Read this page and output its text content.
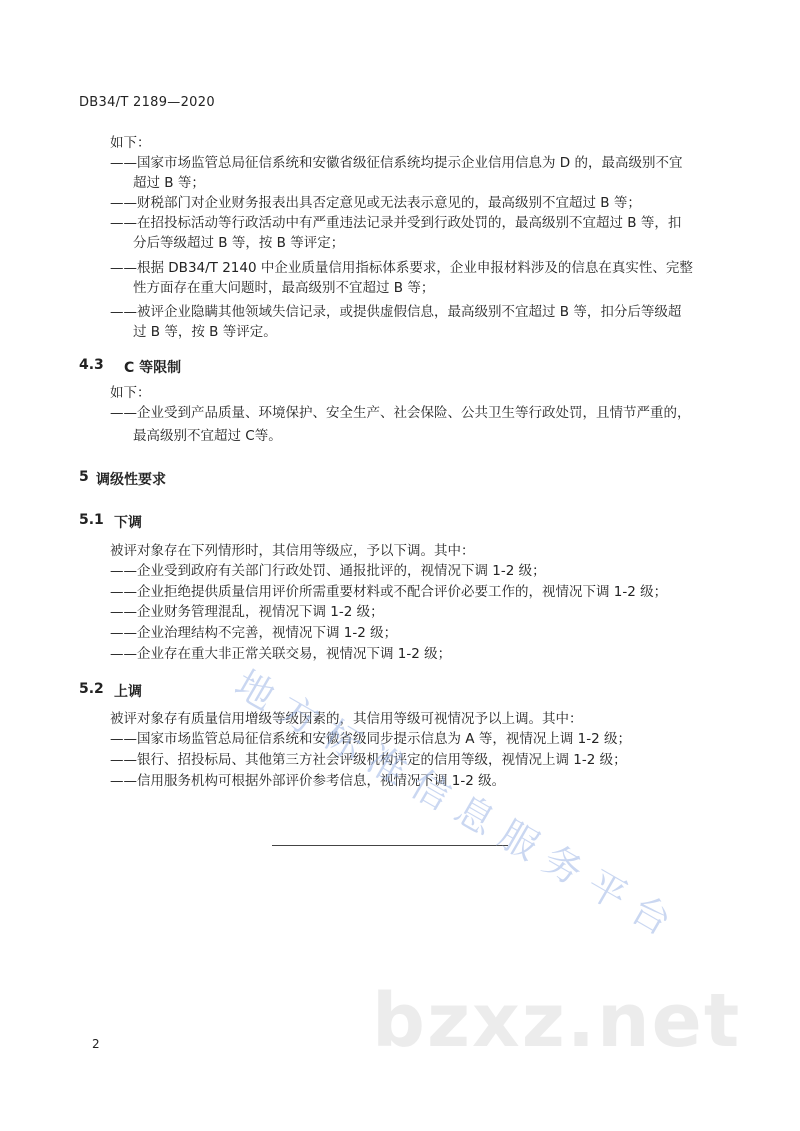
DB34/T 2189—2020
如下：
——国家市场监管总局征信系统和安徽省级征信系统均提示企业信用信息为 D 的，最高级别不宜
超过 B 等；
——财税部门对企业财务报表出具否定意见或无法表示意见的，最高级别不宜超过 B 等；
——在招投标活动等行政活动中有严重违法记录并受到行政处罚的，最高级别不宜超过 B 等，扣
分后等级超过 B 等，按 B 等评定；
——根据 DB34/T 2140 中企业质量信用指标体系要求，企业申报材料涉及的信息在真实性、完整
性方面存在重大问题时，最高级别不宜超过 B 等；
——被评企业隐瞒其他领域失信记录，或提供虚假信息，最高级别不宜超过 B 等，扣分后等级超
过 B 等，按 B 等评定。
4.3 C 等限制
如下：
——企业受到产品质量、环境保护、安全生产、社会保险、公共卫生等行政处罚，且情节严重的，
最高级别不宜超过 C等。
5 调级性要求
5.1 下调
被评对象存在下列情形时，其信用等级应，予以下调。其中：
——企业受到政府有关部门行政处罚、通报批评的，视情况下调 1-2 级；
——企业拒绝提供质量信用评价所需重要材料或不配合评价必要工作的，视情况下调 1-2 级；
——企业财务管理混乱，视情况下调 1-2 级；
——企业治理结构不完善，视情况下调 1-2 级；
——企业存在重大非正常关联交易，视情况下调 1-2 级；
5.2 上调
被评对象存有质量信用增级等级因素的，其信用等级可视情况予以上调。其中：
——国家市场监管总局征信系统和安徽省级同步提示信息为 A 等，视情况上调 1-2 级；
——银行、招投标局、其他第三方社会评级机构评定的信用等级，视情况上调 1-2 级；
——信用服务机构可根据外部评价参考信息，视情况下调 1-2 级。
地
方
标
准
信
息
服
务
平
台
bzxz.net
2
